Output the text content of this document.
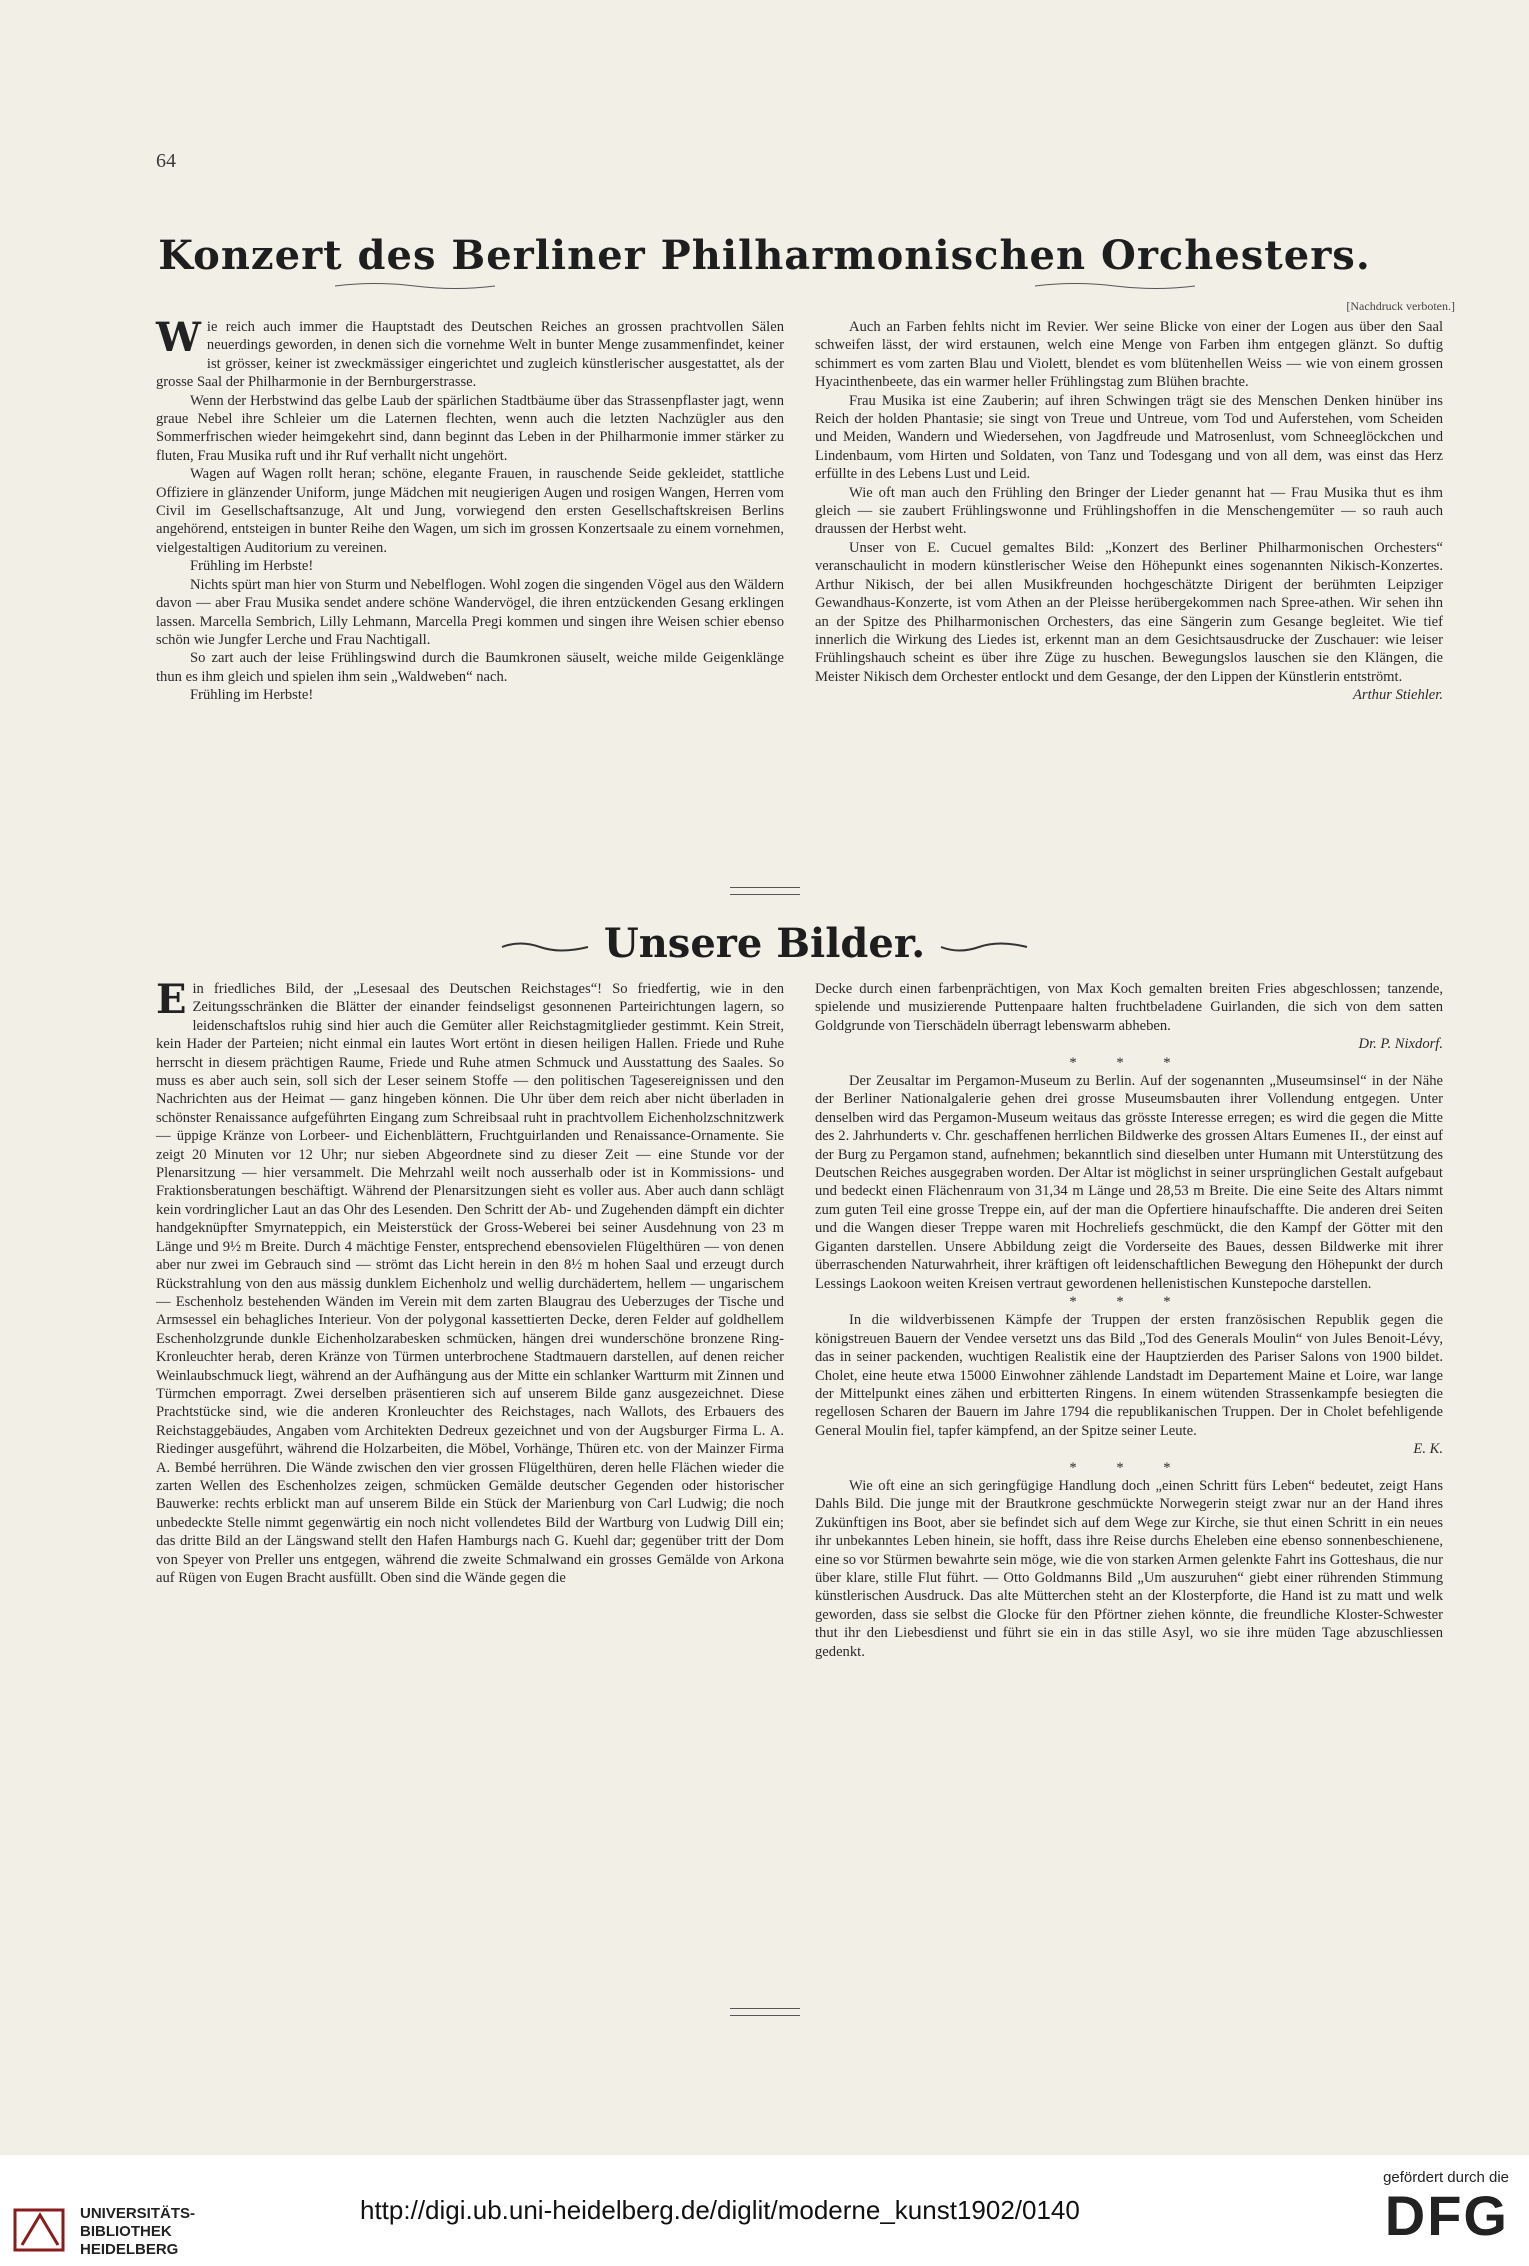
64
Konzert des Berliner Philharmonischen Orchesters.
[Nachdruck verboten.]

Wie reich auch immer die Hauptstadt des Deutschen Reiches an grossen prachtvollen Sälen neuerdings geworden, in denen sich die vornehme Welt in bunter Menge zusammenfindet, keiner ist grösser, keiner ist zweckmässiger eingerichtet und zugleich künstlerischer ausgestattet, als der grosse Saal der Philharmonie in der Bernburgerstrasse.

Wenn der Herbstwind das gelbe Laub der spärlichen Stadtbäume über das Strassenpflaster jagt, wenn graue Nebel ihre Schleier um die Laternen flechten, wenn auch die letzten Nachzügler aus den Sommerfrischen wieder heimgekehrt sind, dann beginnt das Leben in der Philharmonie immer stärker zu fluten, Frau Musika ruft und ihr Ruf verhallt nicht ungehört.

Wagen auf Wagen rollt heran; schöne, elegante Frauen, in rauschende Seide gekleidet, stattliche Offiziere in glänzender Uniform, junge Mädchen mit neugierigen Augen und rosigen Wangen, Herren vom Civil im Gesellschaftsanzuge, Alt und Jung, vorwiegend den ersten Gesellschaftskreisen Berlins angehörend, entsteigen in bunter Reihe den Wagen, um sich im grossen Konzertsaale zu einem vornehmen, vielgestaltigen Auditorium zu vereinen.

Frühling im Herbste!

Nichts spürt man hier von Sturm und Nebelflogen. Wohl zogen die singenden Vögel aus den Wäldern davon — aber Frau Musika sendet andere schöne Wandervögel, die ihren entzückenden Gesang erklingen lassen. Marcella Sembrich, Lilly Lehmann, Marcella Pregi kommen und singen ihre Weisen schier ebenso schön wie Jungfer Lerche und Frau Nachtigall.

So zart auch der leise Frühlingswind durch die Baumkronen säuselt, weiche milde Geigenklänge thun es ihm gleich und spielen ihm sein „Waldweben“ nach.

Frühling im Herbste!

Auch an Farben fehlts nicht im Revier. Wer seine Blicke von einer der Logen aus über den Saal schweifen lässt, der wird erstaunen, welch eine Menge von Farben ihm entgegen glänzt. So duftig schimmert es vom zarten Blau und Violett, blendet es vom blütenhellen Weiss — wie von einem grossen Hyacinthenbeete, das ein warmer heller Frühlingstag zum Blühen brachte.

Frau Musika ist eine Zauberin; auf ihren Schwingen trägt sie des Menschen Denken hinüber ins Reich der holden Phantasie; sie singt von Treue und Untreue, vom Tod und Auferstehen, vom Scheiden und Meiden, Wandern und Wiedersehen, von Jagdfreude und Matrosenlust, vom Schneeglöckchen und Lindenbaum, vom Hirten und Soldaten, von Tanz und Todesgang und von all dem, was einst das Herz erfüllte in des Lebens Lust und Leid.

Wie oft man auch den Frühling den Bringer der Lieder genannt hat — Frau Musika thut es ihm gleich — sie zaubert Frühlingswonne und Frühlingshoffen in die Menschengemüter — so rauh auch draussen der Herbst weht.

Unser von E. Cucuel gemaltes Bild: „Konzert des Berliner Philharmonischen Orchesters“ veranschaulicht in modern künstlerischer Weise den Höhepunkt eines sogenannten Nikisch-Konzertes. Arthur Nikisch, der bei allen Musikfreunden hochgeschätzte Dirigent der berühmten Leipziger Gewandhaus-Konzerte, ist vom Athen an der Pleisse herübergekommen nach Spree-athen. Wir sehen ihn an der Spitze des Philharmonischen Orchesters, das eine Sängerin zum Gesange begleitet. Wie tief innerlich die Wirkung des Liedes ist, erkennt man an dem Gesichtsausdrucke der Zuschauer: wie leiser Frühlingshauch scheint es über ihre Züge zu huschen. Bewegungslos lauschen sie den Klängen, die Meister Nikisch dem Orchester entlockt und dem Gesange, der den Lippen der Künstlerin entströmt.

Arthur Stiehler.

Unsere Bilder.

Ein friedliches Bild, der „Lesesaal des Deutschen Reichstages“! So friedfertig, wie in den Zeitungsschränken die Blätter der einander feindseligst gesonnenen Parteirichtungen lagern, so leidenschaftslos ruhig sind hier auch die Gemüter aller Reichstagmitglieder gestimmt. Kein Streit, kein Hader der Parteien; nicht einmal ein lautes Wort ertönt in diesen heiligen Hallen. Friede und Ruhe herrscht in diesem prächtigen Raume, Friede und Ruhe atmen Schmuck und Ausstattung des Saales. So muss es aber auch sein, soll sich der Leser seinem Stoffe — den politischen Tagesereignissen und den Nachrichten aus der Heimat — ganz hingeben können. Die Uhr über dem reich aber nicht überladen in schönster Renaissance aufgeführten Eingang zum Schreibsaal ruht in prachtvollem Eichenholzschnitzwerk — üppige Kränze von Lorbeer- und Eichenblättern, Fruchtguirlanden und Renaissance-Ornamente. Sie zeigt 20 Minuten vor 12 Uhr; nur sieben Abgeordnete sind zu dieser Zeit — eine Stunde vor der Plenarsitzung — hier versammelt. Die Mehrzahl weilt noch ausserhalb oder ist in Kommissions- und Fraktionsberatungen beschäftigt. Während der Plenarsitzungen sieht es voller aus. Aber auch dann schlägt kein vordringlicher Laut an das Ohr des Lesenden. Den Schritt der Ab- und Zugehenden dämpft ein dichter handgeknüpfter Smyrnateppich, ein Meisterstück der Gross-Weberei bei seiner Ausdehnung von 23 m Länge und 9½ m Breite. Durch 4 mächtige Fenster, entsprechend ebensovielen Flügelthüren — von denen aber nur zwei im Gebrauch sind — strömt das Licht herein in den 8½ m hohen Saal und erzeugt durch Rückstrahlung von den aus mässig dunklem Eichenholz und wellig durchädertem, hellem — ungarischem — Eschenholz bestehenden Wänden im Verein mit dem zarten Blaugrau des Ueberzuges der Tische und Armsessel ein behagliches Interieur. Von der polygonal kassettierten Decke, deren Felder auf goldhellem Eschenholzgrunde dunkle Eichenholzarabesken schmücken, hängen drei wunderschöne bronzene Ring-Kronleuchter herab, deren Kränze von Türmen unterbrochene Stadtmauern darstellen, auf denen reicher Weinlaubschmuck liegt, während an der Aufhängung aus der Mitte ein schlanker Wartturm mit Zinnen und Türmchen emporragt. Zwei derselben präsentieren sich auf unserem Bilde ganz ausgezeichnet. Diese Prachtstücke sind, wie die anderen Kronleuchter des Reichstages, nach Wallots, des Erbauers des Reichstaggebäudes, Angaben vom Architekten Dedreux gezeichnet und von der Augsburger Firma L. A. Riedinger ausgeführt, während die Holzarbeiten, die Möbel, Vorhänge, Thüren etc. von der Mainzer Firma A. Bembé herrühren. Die Wände zwischen den vier grossen Flügelthüren, deren helle Flächen wieder die zarten Wellen des Eschenholzes zeigen, schmücken Gemälde deutscher Gegenden oder historischer Bauwerke: rechts erblickt man auf unserem Bilde ein Stück der Marienburg von Carl Ludwig; die noch unbedeckte Stelle nimmt gegenwärtig ein noch nicht vollendetes Bild der Wartburg von Ludwig Dill ein; das dritte Bild an der Längswand stellt den Hafen Hamburgs nach G. Kuehl dar; gegenüber tritt der Dom von Speyer von Preller uns entgegen, während die zweite Schmalwand ein grosses Gemälde von Arkona auf Rügen von Eugen Bracht ausfüllt. Oben sind die Wände gegen die

Decke durch einen farbenprächtigen, von Max Koch gemalten breiten Fries abgeschlossen; tanzende, spielende und musizierende Puttenpaare halten fruchtbeladene Guirlanden, die sich von dem satten Goldgrunde von Tierschädeln überragt lebenswarm abheben.

Dr. P. Nixdorf.

* * *

Der Zeusaltar im Pergamon-Museum zu Berlin. Auf der sogenannten „Museumsinsel“ in der Nähe der Berliner Nationalgalerie gehen drei grosse Museumsbauten ihrer Vollendung entgegen. Unter denselben wird das Pergamon-Museum weitaus das grösste Interesse erregen; es wird die gegen die Mitte des 2. Jahrhunderts v. Chr. geschaffenen herrlichen Bildwerke des grossen Altars Eumenes II., der einst auf der Burg zu Pergamon stand, aufnehmen; bekanntlich sind dieselben unter Humann mit Unterstützung des Deutschen Reiches ausgegraben worden. Der Altar ist möglichst in seiner ursprünglichen Gestalt aufgebaut und bedeckt einen Flächenraum von 31,34 m Länge und 28,53 m Breite. Die eine Seite des Altars nimmt zum guten Teil eine grosse Treppe ein, auf der man die Opfertiere hinaufschaffte. Die anderen drei Seiten und die Wangen dieser Treppe waren mit Hochreliefs geschmückt, die den Kampf der Götter mit den Giganten darstellen. Unsere Abbildung zeigt die Vorderseite des Baues, dessen Bildwerke mit ihrer überraschenden Naturwahrheit, ihrer kräftigen oft leidenschaftlichen Bewegung den Höhepunkt der durch Lessings Laokoon weiten Kreisen vertraut gewordenen hellenistischen Kunstepoche darstellen.

* * *

In die wildverbissenen Kämpfe der Truppen der ersten französischen Republik gegen die königstreuen Bauern der Vendee versetzt uns das Bild „Tod des Generals Moulin“ von Jules Benoit-Lévy, das in seiner packenden, wuchtigen Realistik eine der Hauptzierden des Pariser Salons von 1900 bildet. Cholet, eine heute etwa 15000 Einwohner zählende Landstadt im Departement Maine et Loire, war lange der Mittelpunkt eines zähen und erbitterten Ringens. In einem wütenden Strassenkampfe besiegten die regellosen Scharen der Bauern im Jahre 1794 die republikanischen Truppen. Der in Cholet befehligende General Moulin fiel, tapfer kämpfend, an der Spitze seiner Leute.

E. K.

* * *

Wie oft eine an sich geringfügige Handlung doch „einen Schritt fürs Leben“ bedeutet, zeigt Hans Dahls Bild. Die junge mit der Brautkrone geschmückte Norwegerin steigt zwar nur an der Hand ihres Zukünftigen ins Boot, aber sie befindet sich auf dem Wege zur Kirche, sie thut einen Schritt in ein neues ihr unbekanntes Leben hinein, sie hofft, dass ihre Reise durchs Eheleben eine ebenso sonnenbeschienene, eine so vor Stürmen bewahrte sein möge, wie die von starken Armen gelenkte Fahrt ins Gotteshaus, die nur über klare, stille Flut führt. — Otto Goldmanns Bild „Um auszuruhen“ giebt einer rührenden Stimmung künstlerischen Ausdruck. Das alte Mütterchen steht an der Klosterpforte, die Hand ist zu matt und welk geworden, dass sie selbst die Glocke für den Pförtner ziehen könnte, die freundliche Kloster-Schwester thut ihr den Liebesdienst und führt sie ein in das stille Asyl, wo sie ihre müden Tage abzuschliessen gedenkt.

UNIVERSITÄTS-
BIBLIOTHEK
HEIDELBERG
http://digi.ub.uni-heidelberg.de/diglit/moderne_kunst1902/0140
gefördert durch die
DFG
